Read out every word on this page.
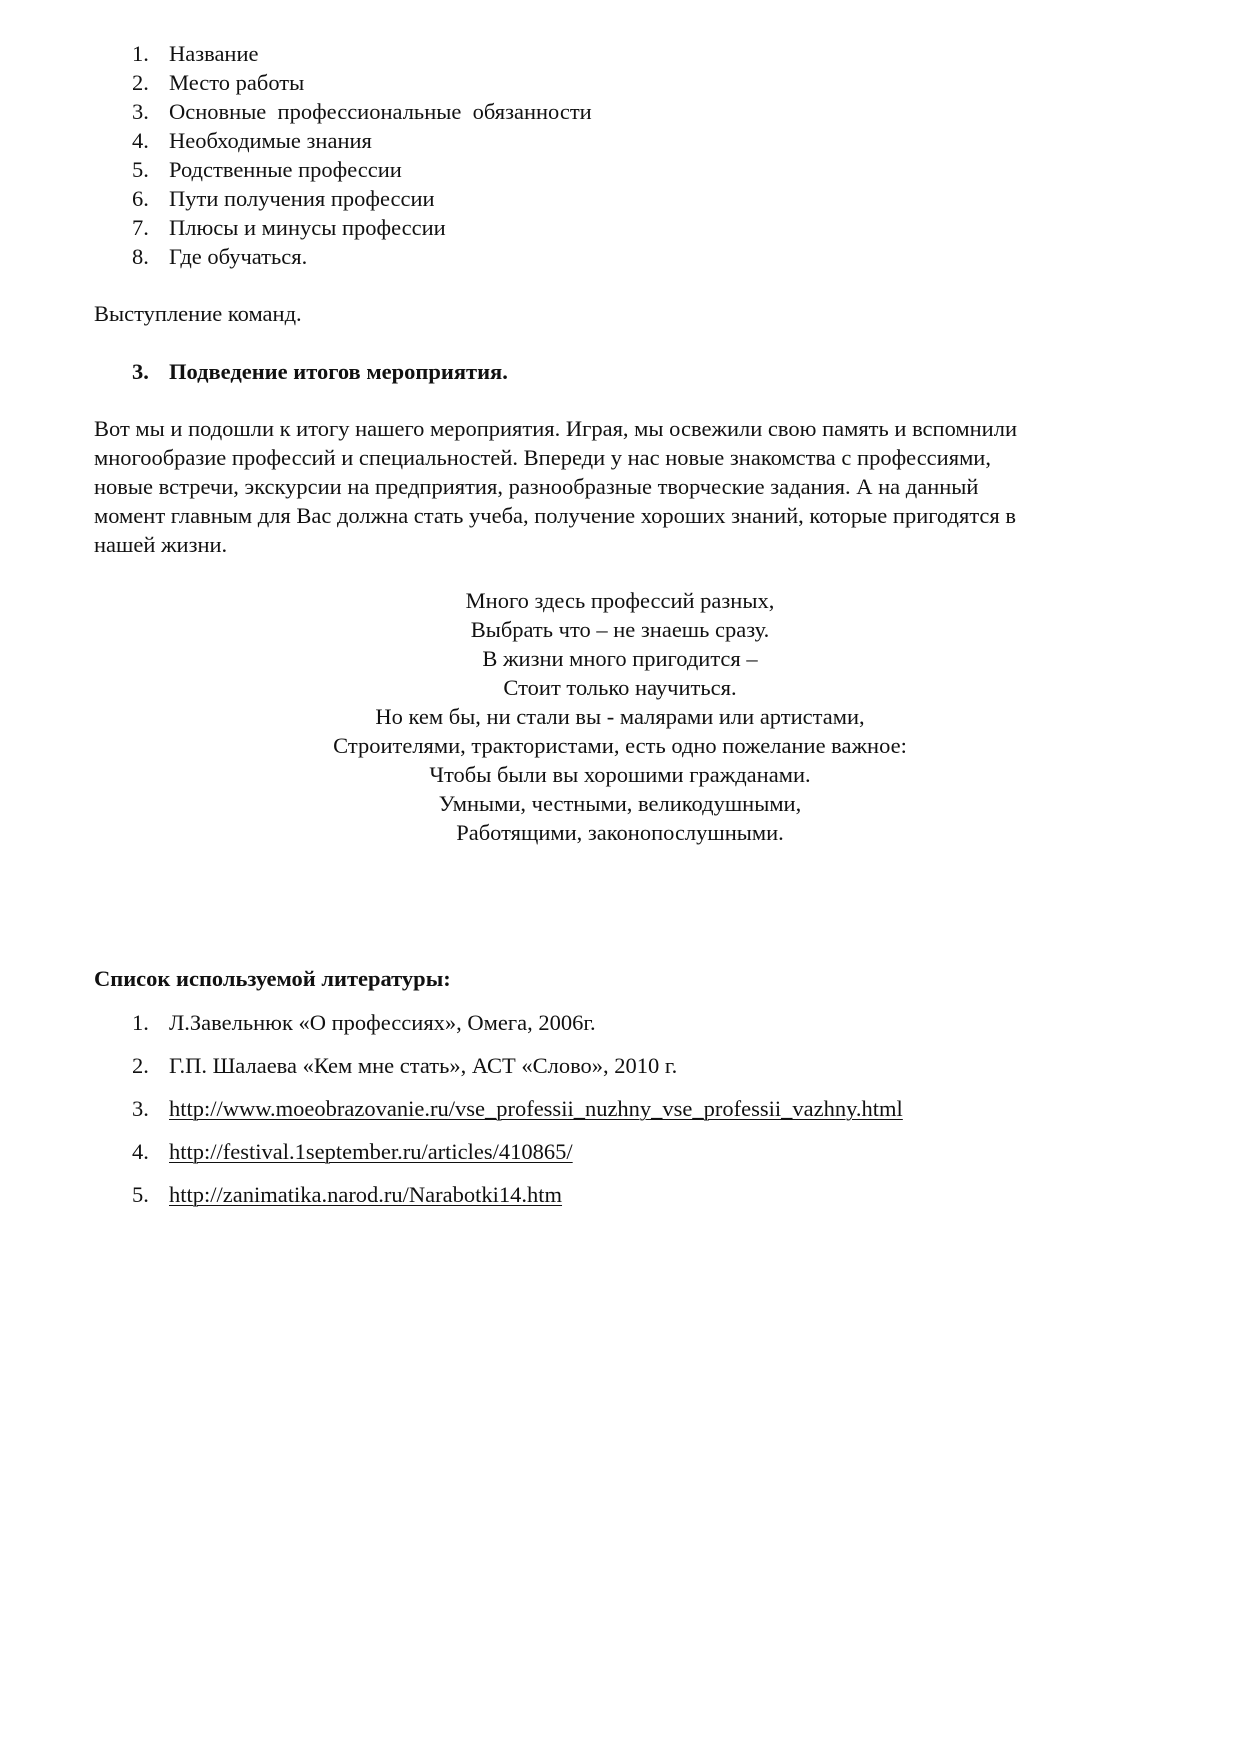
1. Название
2. Место работы
3. Основные  профессиональные  обязанности
4. Необходимые знания
5. Родственные профессии
6. Пути получения профессии
7. Плюсы и минусы профессии
8. Где обучаться.
Выступление команд.
3. Подведение итогов мероприятия.
Вот мы и подошли к итогу нашего мероприятия. Играя, мы освежили свою память и вспомнили
многообразие профессий и специальностей. Впереди у нас новые знакомства с профессиями,
новые встречи, экскурсии на предприятия, разнообразные творческие задания. А на данный
момент главным для Вас должна стать учеба, получение хороших знаний, которые пригодятся в
нашей жизни.
Много здесь профессий разных,
Выбрать что – не знаешь сразу.
В жизни много пригодится –
Стоит только научиться.
Но кем бы, ни стали вы - малярами или артистами,
Строителями, трактористами, есть одно пожелание важное:
Чтобы были вы хорошими гражданами.
Умными, честными, великодушными,
Работящими, законопослушными.
Список используемой литературы:
1. Л.Завельнюк «О профессиях», Омега, 2006г.
2. Г.П. Шалаева «Кем мне стать», АСТ «Слово», 2010 г.
3. http://www.moeobrazovanie.ru/vse_professii_nuzhny_vse_professii_vazhny.html
4. http://festival.1september.ru/articles/410865/
5. http://zanimatika.narod.ru/Narabotki14.htm
